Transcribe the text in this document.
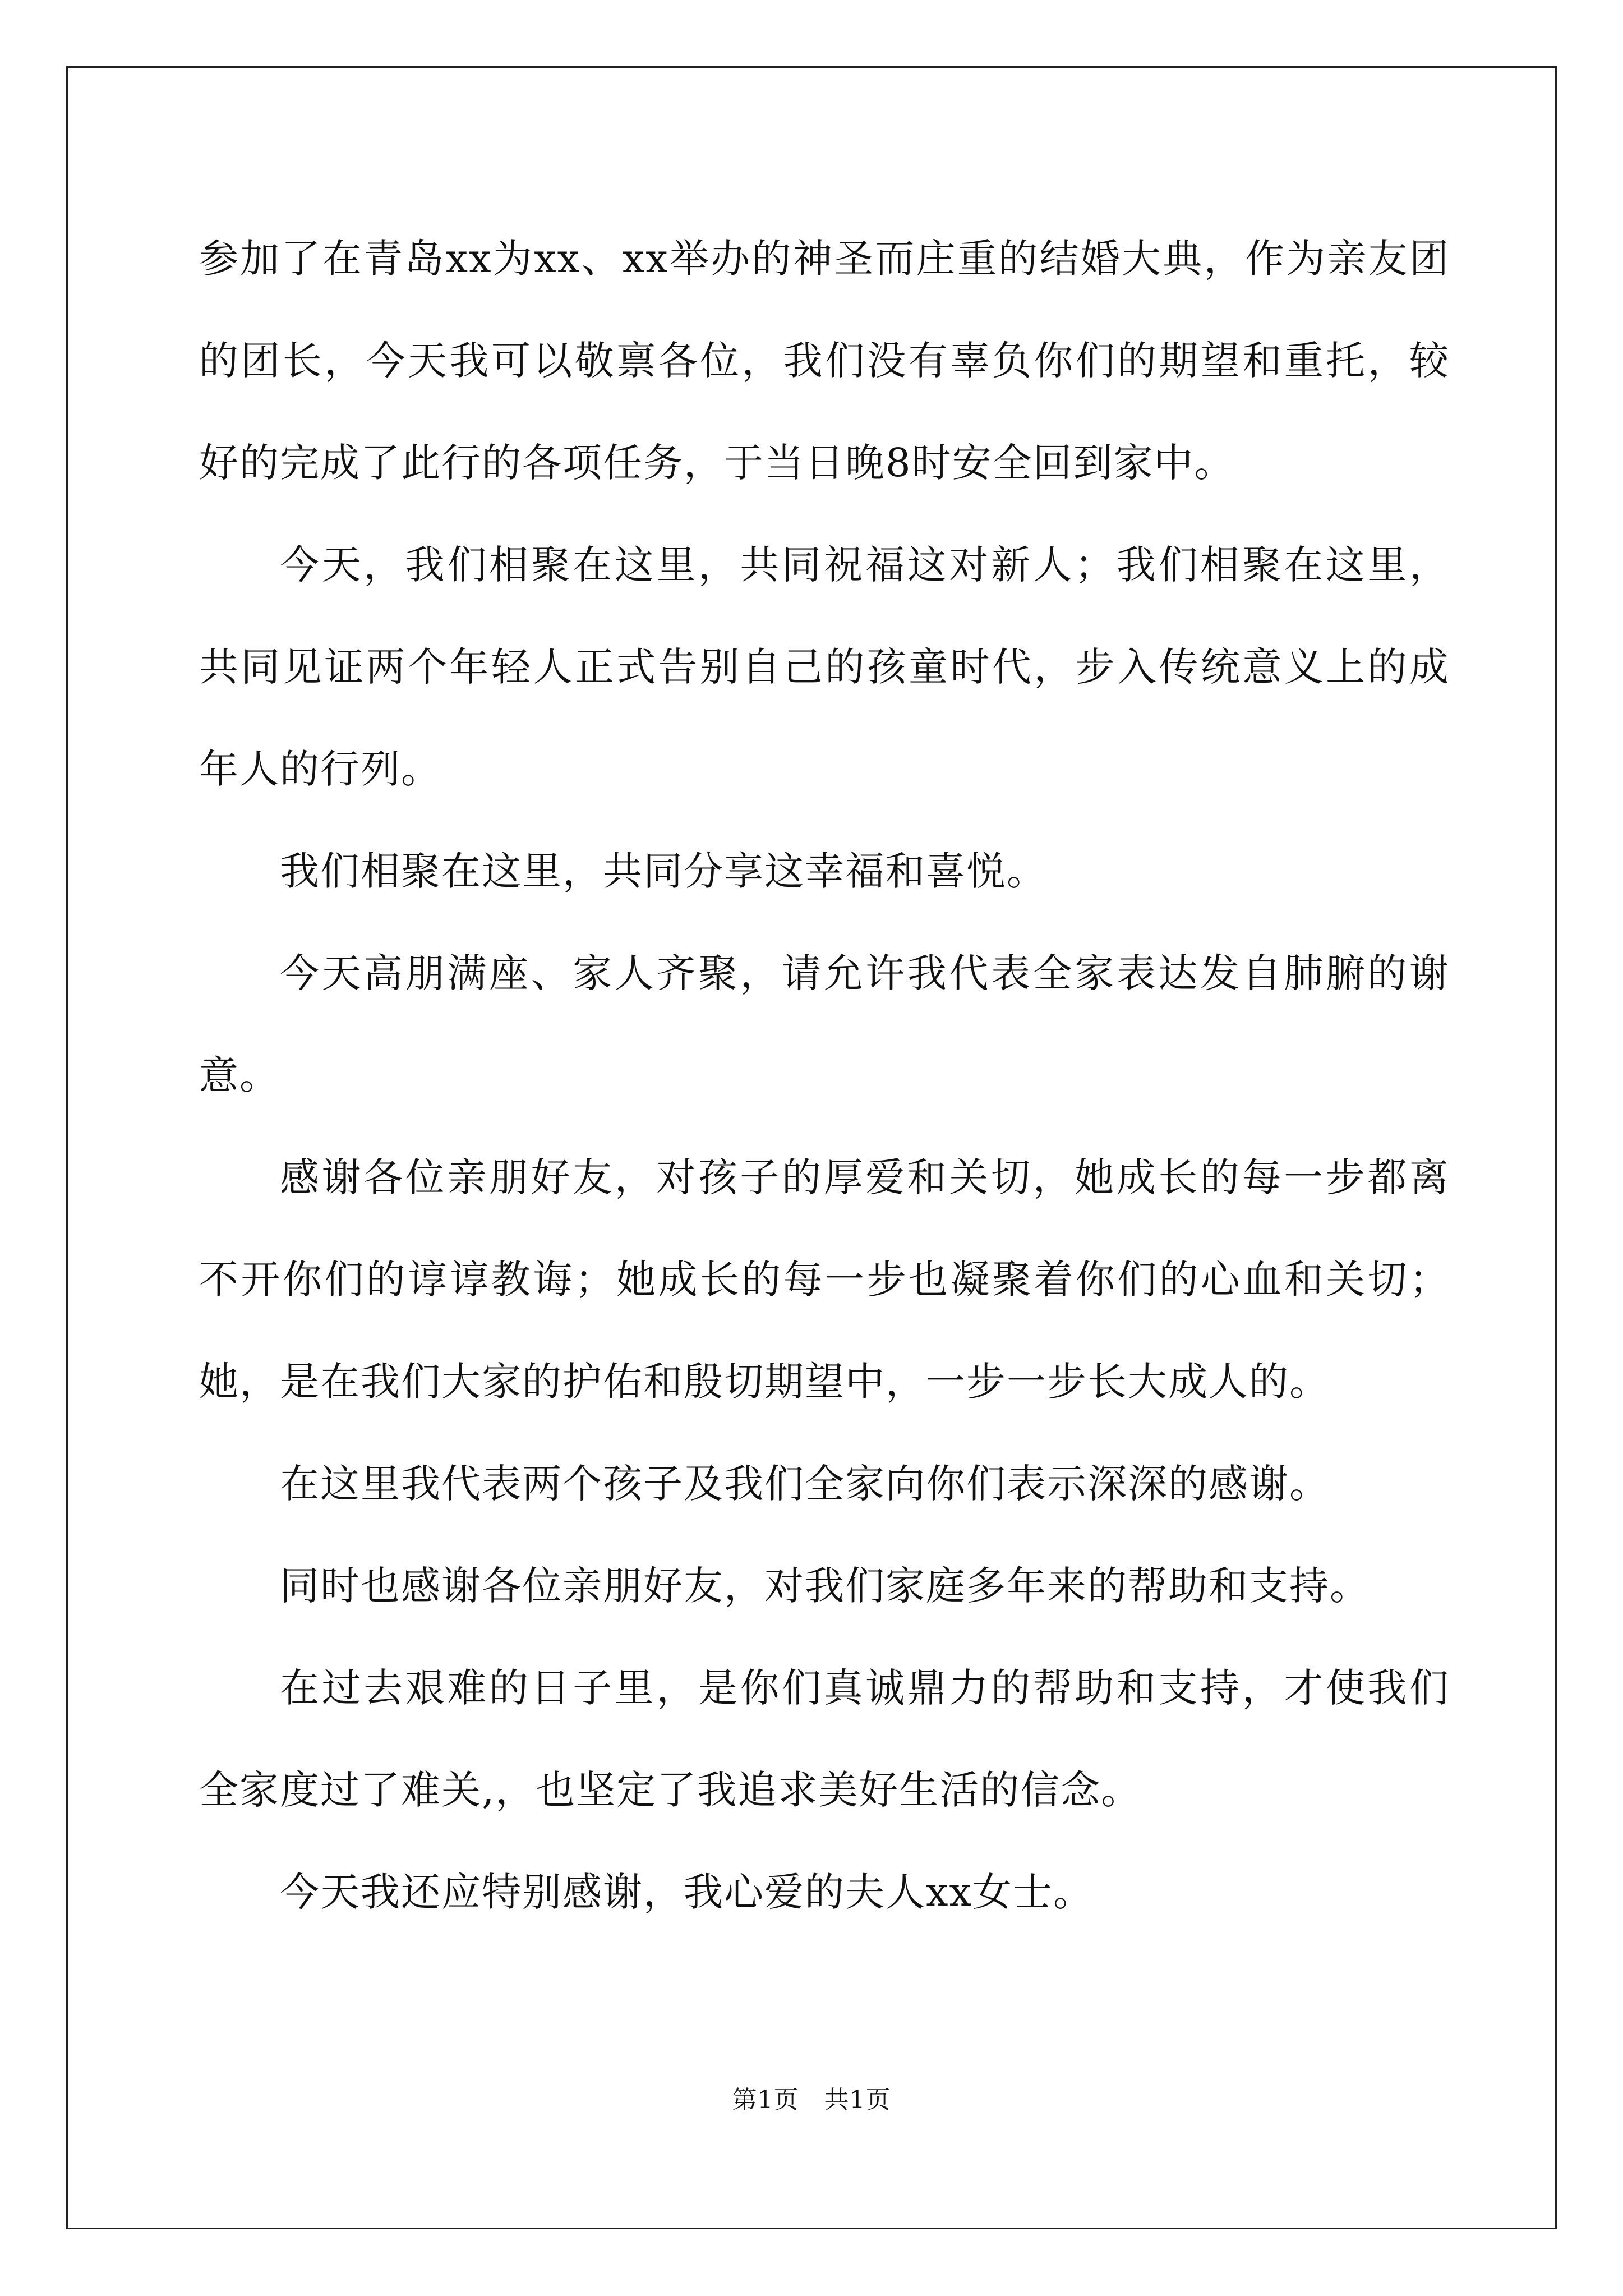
参加了在青岛xx为xx、xx举办的神圣而庄重的结婚大典，作为亲友团的团长，今天我可以敬禀各位，我们没有辜负你们的期望和重托，较好的完成了此行的各项任务，于当日晚8时安全回到家中。

今天，我们相聚在这里，共同祝福这对新人；我们相聚在这里，共同见证两个年轻人正式告别自己的孩童时代，步入传统意义上的成年人的行列。

我们相聚在这里，共同分享这幸福和喜悦。

今天高朋满座、家人齐聚，请允许我代表全家表达发自肺腑的谢意。

感谢各位亲朋好友，对孩子的厚爱和关切，她成长的每一步都离不开你们的谆谆教诲；她成长的每一步也凝聚着你们的心血和关切；她，是在我们大家的护佑和殷切期望中，一步一步长大成人的。

在这里我代表两个孩子及我们全家向你们表示深深的感谢。

同时也感谢各位亲朋好友，对我们家庭多年来的帮助和支持。

在过去艰难的日子里，是你们真诚鼎力的帮助和支持，才使我们全家度过了难关,，也坚定了我追求美好生活的信念。

今天我还应特别感谢，我心爱的夫人xx女士。

第1页　共1页
